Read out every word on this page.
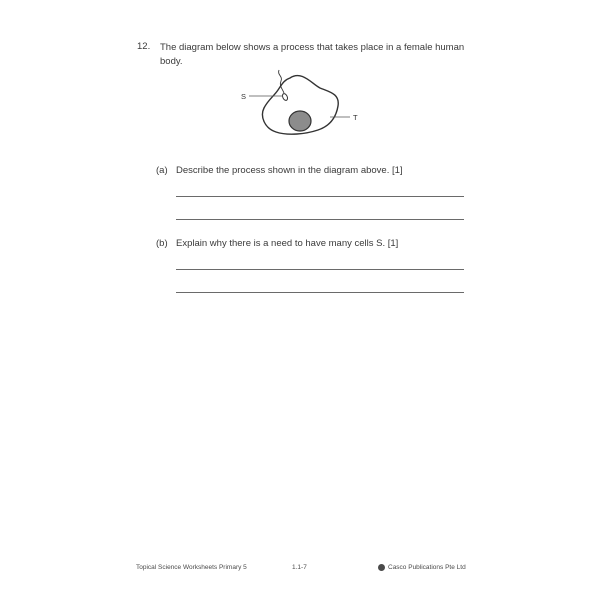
12. The diagram below shows a process that takes place in a female human body.
S
T
(a) Describe the process shown in the diagram above. [1]
(b) Explain why there is a need to have many cells S. [1]
Topical Science Worksheets Primary 5	1.1-7	Casco Publications Pte Ltd
